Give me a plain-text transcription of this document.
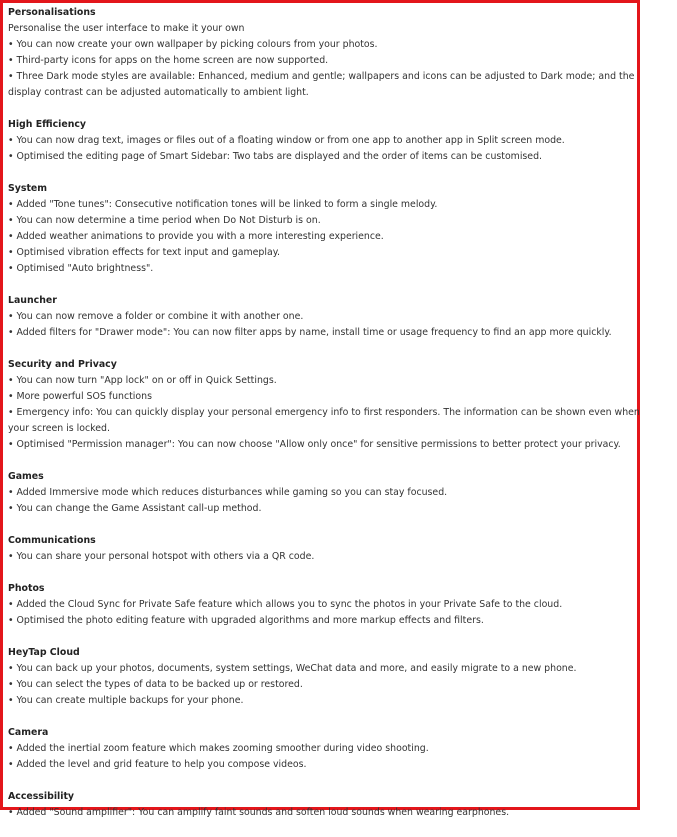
Personalisations
Personalise the user interface to make it your own
• You can now create your own wallpaper by picking colours from your photos.
• Third-party icons for apps on the home screen are now supported.
• Three Dark mode styles are available: Enhanced, medium and gentle; wallpapers and icons can be adjusted to Dark mode; and the display contrast can be adjusted automatically to ambient light.
High Efficiency
• You can now drag text, images or files out of a floating window or from one app to another app in Split screen mode.
• Optimised the editing page of Smart Sidebar: Two tabs are displayed and the order of items can be customised.
System
• Added "Tone tunes": Consecutive notification tones will be linked to form a single melody.
• You can now determine a time period when Do Not Disturb is on.
• Added weather animations to provide you with a more interesting experience.
• Optimised vibration effects for text input and gameplay.
• Optimised "Auto brightness".
Launcher
• You can now remove a folder or combine it with another one.
• Added filters for "Drawer mode": You can now filter apps by name, install time or usage frequency to find an app more quickly.
Security and Privacy
• You can now turn "App lock" on or off in Quick Settings.
• More powerful SOS functions
• Emergency info: You can quickly display your personal emergency info to first responders. The information can be shown even when your screen is locked.
• Optimised "Permission manager": You can now choose "Allow only once" for sensitive permissions to better protect your privacy.
Games
• Added Immersive mode which reduces disturbances while gaming so you can stay focused.
• You can change the Game Assistant call-up method.
Communications
• You can share your personal hotspot with others via a QR code.
Photos
• Added the Cloud Sync for Private Safe feature which allows you to sync the photos in your Private Safe to the cloud.
• Optimised the photo editing feature with upgraded algorithms and more markup effects and filters.
HeyTap Cloud
• You can back up your photos, documents, system settings, WeChat data and more, and easily migrate to a new phone.
• You can select the types of data to be backed up or restored.
• You can create multiple backups for your phone.
Camera
• Added the inertial zoom feature which makes zooming smoother during video shooting.
• Added the level and grid feature to help you compose videos.
Accessibility
• Added "Sound amplifier": You can amplify faint sounds and soften loud sounds when wearing earphones.
